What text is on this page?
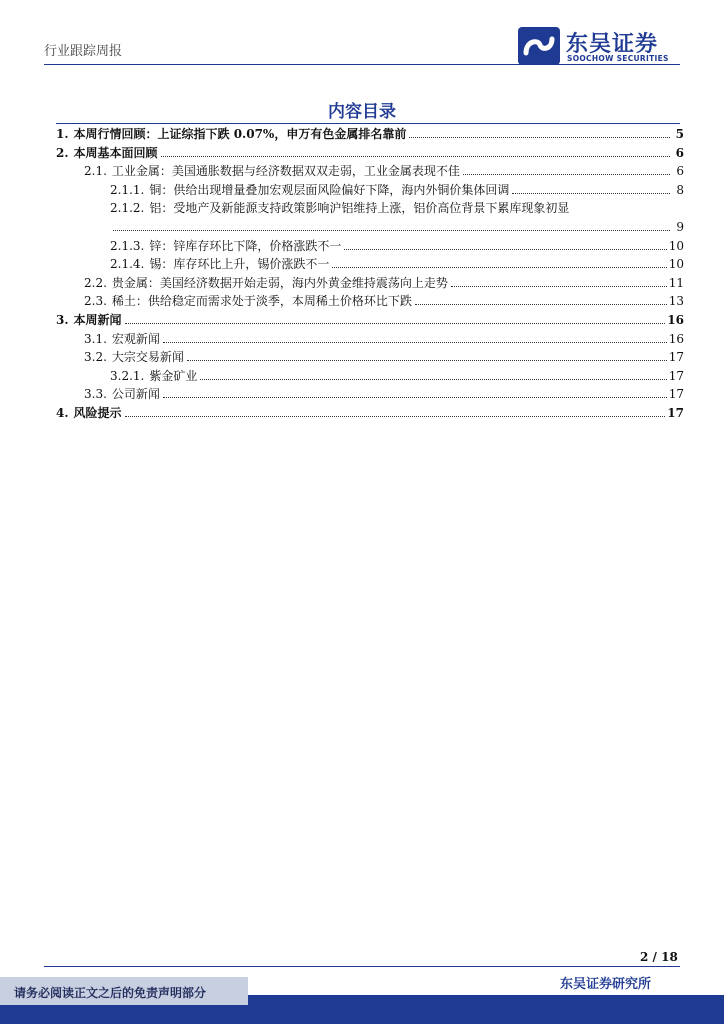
行业跟踪周报	东吴证券
SOOCHOW SECURITIES
内容目录
1. 本周行情回顾：上证综指下跌 0.07%，申万有色金属排名靠前	5
2. 本周基本面回顾	6
2.1. 工业金属：美国通胀数据与经济数据双双走弱，工业金属表现不佳	6
2.1.1. 铜：供给出现增量叠加宏观层面风险偏好下降，海内外铜价集体回调	8
2.1.2. 铝：受地产及新能源支持政策影响沪铝维持上涨，铝价高位背景下累库现象初显
9
2.1.3. 锌：锌库存环比下降，价格涨跌不一	10
2.1.4. 锡：库存环比上升，锡价涨跌不一	10
2.2. 贵金属：美国经济数据开始走弱，海内外黄金维持震荡向上走势	11
2.3. 稀土：供给稳定而需求处于淡季，本周稀土价格环比下跌	13
3. 本周新闻	16
3.1. 宏观新闻	16
3.2. 大宗交易新闻	17
3.2.1. 紫金矿业	17
3.3. 公司新闻	17
4. 风险提示	17
2 / 18
东吴证券研究所
请务必阅读正文之后的免责声明部分
